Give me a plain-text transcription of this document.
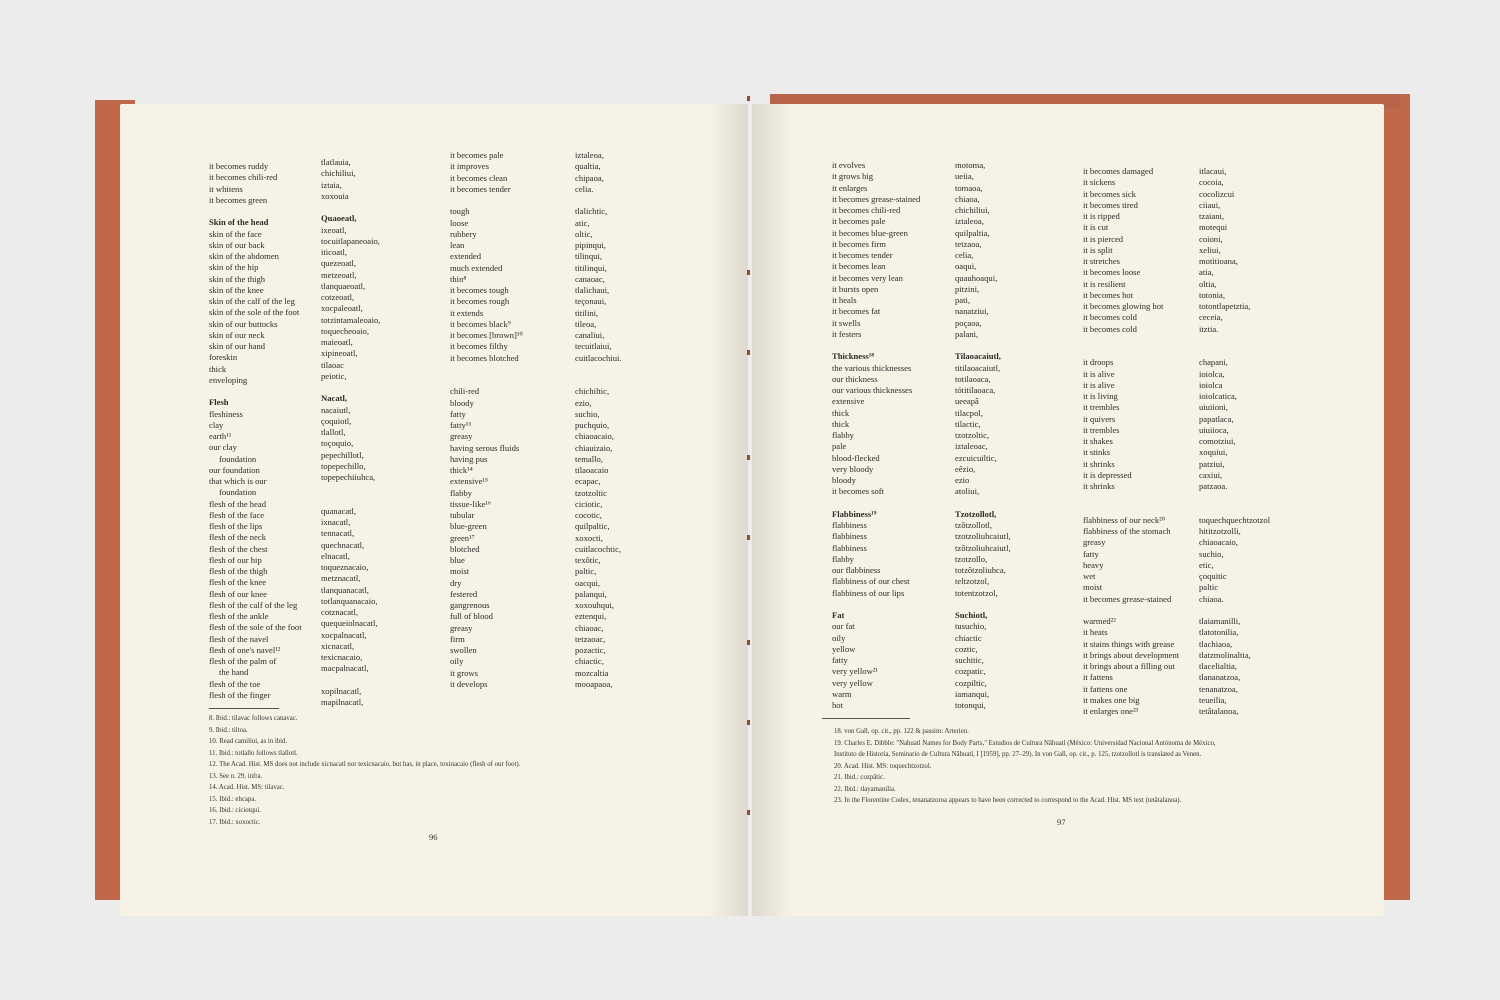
it becomes ruddy
it becomes chili-red
it whitens
it becomes green
Skin of the head
skin of the face
skin of our back
skin of the abdomen
skin of the hip
skin of the thigh
skin of the knee
skin of the calf of the leg
skin of the sole of the foot
skin of our buttocks
skin of our neck
skin of our hand
foreskin
thick
enveloping
Flesh
fleshiness
clay
earth¹¹
our clay
foundation
our foundation
that which is our
foundation
flesh of the head
flesh of the face
flesh of the lips
flesh of the neck
flesh of the chest
flesh of our hip
flesh of the thigh
flesh of the knee
flesh of our knee
flesh of the calf of the leg
flesh of the ankle
flesh of the sole of the foot
flesh of the navel
flesh of one's navel¹²
flesh of the palm of
the hand
flesh of the toe
flesh of the finger
tlatlauia,
chichiliui,
iztaia,
xoxouia
Quaoeatl,
ixeoatl,
tocuitlapaneoaio,
iticoatl,
quezeoatl,
metzeoatl,
tlanquaeoatl,
cotzeoatl,
xocpaleoatl,
totzintamaleoaio,
toquecheoaio,
maieoatl,
xipineoatl,
tilaoac
peiotic,
Nacatl,
nacaiutl,
çoquiotl,
tlallotl,
toçoquio,
pepechillotl,
topepechillo,
topepechiiuhca,
quanacatl,
ixnacatl,
tennacatl,
quechnacatl,
elnacatl,
toqueznacaio,
metznacatl,
tlanquanacatl,
totlanquanacaio,
cotznacatl,
quequeiolnacatl,
xocpalnacatl,
xicnacatl,
texicnacaio,
macpalnacatl,
xopilnacatl,
mapilnacatl,
it becomes pale
it improves
it becomes clean
it becomes tender
tough
loose
rubbery
lean
extended
much extended
thin⁸
it becomes tough
it becomes rough
it extends
it becomes black⁹
it becomes [brown]¹⁰
it becomes filthy
it becomes blotched
chili-red
bloody
fatty
fatty¹³
greasy
having serous fluids
having pus
thick¹⁴
extensive¹⁵
flabby
tissue-like¹⁶
tubular
blue-green
green¹⁷
blotched
blue
moist
dry
festered
gangrenous
full of blood
greasy
firm
swollen
oily
it grows
it develops
iztaleoa,
qualtia,
chipaoa,
celia.
tlalichtic,
atic,
oltic,
pipinqui,
tilinqui,
titilinqui,
canaoac,
tlalichaui,
teçonaui,
titilini,
tileoa,
canaliui,
tecuitlaiui,
cuitlacochiui.
chichiltic,
ezio,
suchio,
puchquio,
chiaoacaio,
chiauizaio,
temallo,
tilaoacaio
ecapac,
tzotzoltic
ciciotic,
cocotic,
quilpaltic,
xoxocti,
cuitlacochtic,
texôtic,
paltic,
oacqui,
palanqui,
xoxouhqui,
eztenqui,
chiaoac,
tetzaoac,
pozactic,
chiactic,
mozcaltia
mooapaoa,
8. Ibid.: tilavac follows canavac.
9. Ibid.: tiltoa.
10. Read camiliui, as in ibid.
11. Ibid.: totlallo follows tlallotl.
12. The Acad. Hist. MS does not include xicnacatl nor texicnacaio, but has, in place, toxinacaio (flesh of our foot).
13. See n. 29, infra.
14. Acad. Hist. MS: tilavac.
15. Ibid.: ehcapa.
16. Ibid.: ciciotqui.
17. Ibid.: xoxoctic.
96
it evolves
it grows big
it enlarges
it becomes grease-stained
it becomes chili-red
it becomes pale
it becomes blue-green
it becomes firm
it becomes tender
it becomes lean
it becomes very lean
it bursts open
it heals
it becomes fat
it swells
it festers
Thickness¹⁸
the various thicknesses
our thickness
our various thicknesses
extensive
thick
thick
flabby
pale
blood-flecked
very bloody
bloody
it becomes soft
Flabbiness¹⁹
flabbiness
flabbiness
flabbiness
flabby
our flabbiness
flabbiness of our chest
flabbiness of our lips
Fat
our fat
oily
yellow
fatty
very yellow²¹
very yellow
warm
hot
motoma,
ueiia,
tomaoa,
chiaoa,
chichiliui,
iztaleoa,
quilpaltia,
tetzaoa,
celia,
oaqui,
quauhoaqui,
pitzini,
pati,
nanatziui,
poçaoa,
palani,
Tilaoacaiutl,
titilaoacaiutl,
totilaoaca,
tótitilaoaca,
ueeapâ
tilacpol,
tilactic,
tzotzoltic,
iztaleoac,
ezcuicuiltic,
eêzio,
ezio
atoliui,
Tzotzollotl,
tzôtzollotl,
tzotzoliuhcaiutl,
tzôtzoliuhcaiutl,
tzotzollo,
totzôtzoliuhca,
teltzotzol,
totentzotzol,
Suchiotl,
tusuchio,
chiactic
coztic,
suchitic,
cozpatic,
cozpiltic,
iamanqui,
totonqui,
it becomes damaged
it sickens
it becomes sick
it becomes tired
it is ripped
it is cut
it is pierced
it is split
it stretches
it becomes loose
it is resilient
it becomes hot
it becomes glowing hot
it becomes cold
it becomes cold
it droops
it is alive
it is alive
it is living
it trembles
it quivers
it trembles
it shakes
it stinks
it shrinks
it is depressed
it shrinks
flabbiness of our neck²⁰
flabbiness of the stomach
greasy
fatty
heavy
wet
moist
it becomes grease-stained
warmed²²
it heats
it stains things with grease
it brings about development
it brings about a filling out
it fattens
it fattens one
it makes one big
it enlarges one²³
itlacaui,
cocoia,
cocolizcui
ciiaui,
tzaiani,
motequi
coioni,
xeliui,
motitioana,
atia,
oltia,
totonia,
totontlapetztia,
ceceia,
itztia.
chapani,
ioiolca,
ioiolca
ioiolcatica,
uiuiioni,
papatlaca,
uiuiioca,
comotziui,
xoquiui,
patziui,
caxiui,
patzaoa.
toquechquechtzotzol
hititzotzolli,
chiaoacaio,
suchio,
etic,
çoquitic
paltic
chiaoa.
tlaiamanilli,
tlatotonilia,
tlachiaoa,
tlatzmolinaltia,
tlacelialtia,
tlananatzoa,
tenanatzoa,
teueilia,
tetâtalanoa,
18. von Gall, op. cit., pp. 122 & passim: Arterien.
19. Charles E. Dibble: "Nahuatl Names for Body Parts," Estudios de Cultura Nâhuatl (México: Universidad Nacional Autónoma de México,
Instituto de Historia, Seminario de Cultura Nâhuatl, I [1959], pp. 27–29). In von Gall, op. cit., p. 125, tzotzollotl is translated as Venen.
20. Acad. Hist. MS: toquechtzotzol.
21. Ibid.: cozpâtic.
22. Ibid.: tlayamanilia.
23. In the Florentine Codex, tenanatzoroa appears to have been corrected to correspond to the Acad. Hist. MS text (tetâtalanoa).
97
